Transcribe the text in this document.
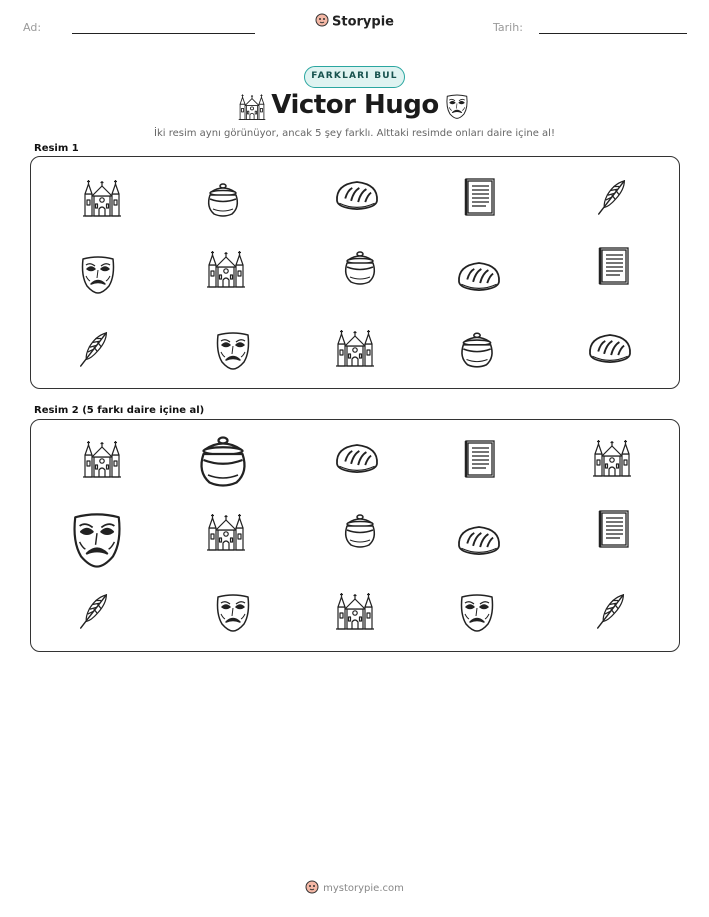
Ad:	Tarih:
Storypie
FARKLARI BUL
Victor Hugo
İki resim aynı görünüyor, ancak 5 şey farklı. Alttaki resimde onları daire içine al!
Resim 1
Resim 2 (5 farkı daire içine al)
mystorypie.com
